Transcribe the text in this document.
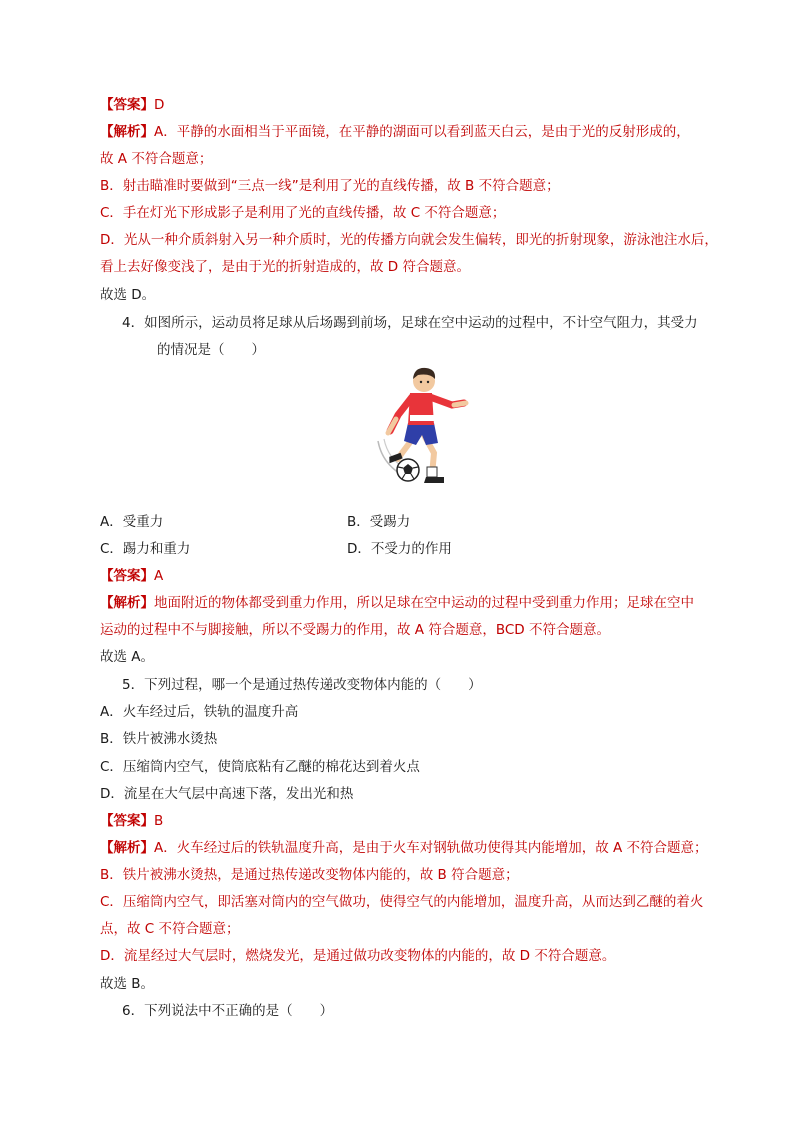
【答案】D
【解析】A．平静的水面相当于平面镜，在平静的湖面可以看到蓝天白云，是由于光的反射形成的，
故 A 不符合题意；
B．射击瞄准时要做到“三点一线”是利用了光的直线传播，故 B 不符合题意；
C．手在灯光下形成影子是利用了光的直线传播，故 C 不符合题意；
D．光从一种介质斜射入另一种介质时，光的传播方向就会发生偏转，即光的折射现象，游泳池注水后，
看上去好像变浅了，是由于光的折射造成的，故 D 符合题意。
故选 D。
4．如图所示，运动员将足球从后场踢到前场，足球在空中运动的过程中，不计空气阻力，其受力
的情况是（　　）
A．受重力	B．受踢力
C．踢力和重力	D．不受力的作用
【答案】A
【解析】地面附近的物体都受到重力作用，所以足球在空中运动的过程中受到重力作用；足球在空中
运动的过程中不与脚接触，所以不受踢力的作用，故 A 符合题意，BCD 不符合题意。
故选 A。
5．下列过程，哪一个是通过热传递改变物体内能的（　　）
A．火车经过后，铁轨的温度升高
B．铁片被沸水烫热
C．压缩筒内空气，使筒底粘有乙醚的棉花达到着火点
D．流星在大气层中高速下落，发出光和热
【答案】B
【解析】A．火车经过后的铁轨温度升高，是由于火车对钢轨做功使得其内能增加，故 A 不符合题意；
B．铁片被沸水烫热，是通过热传递改变物体内能的，故 B 符合题意；
C．压缩筒内空气，即活塞对筒内的空气做功，使得空气的内能增加，温度升高，从而达到乙醚的着火
点，故 C 不符合题意；
D．流星经过大气层时，燃烧发光，是通过做功改变物体的内能的，故 D 不符合题意。
故选 B。
6．下列说法中不正确的是（　　）
